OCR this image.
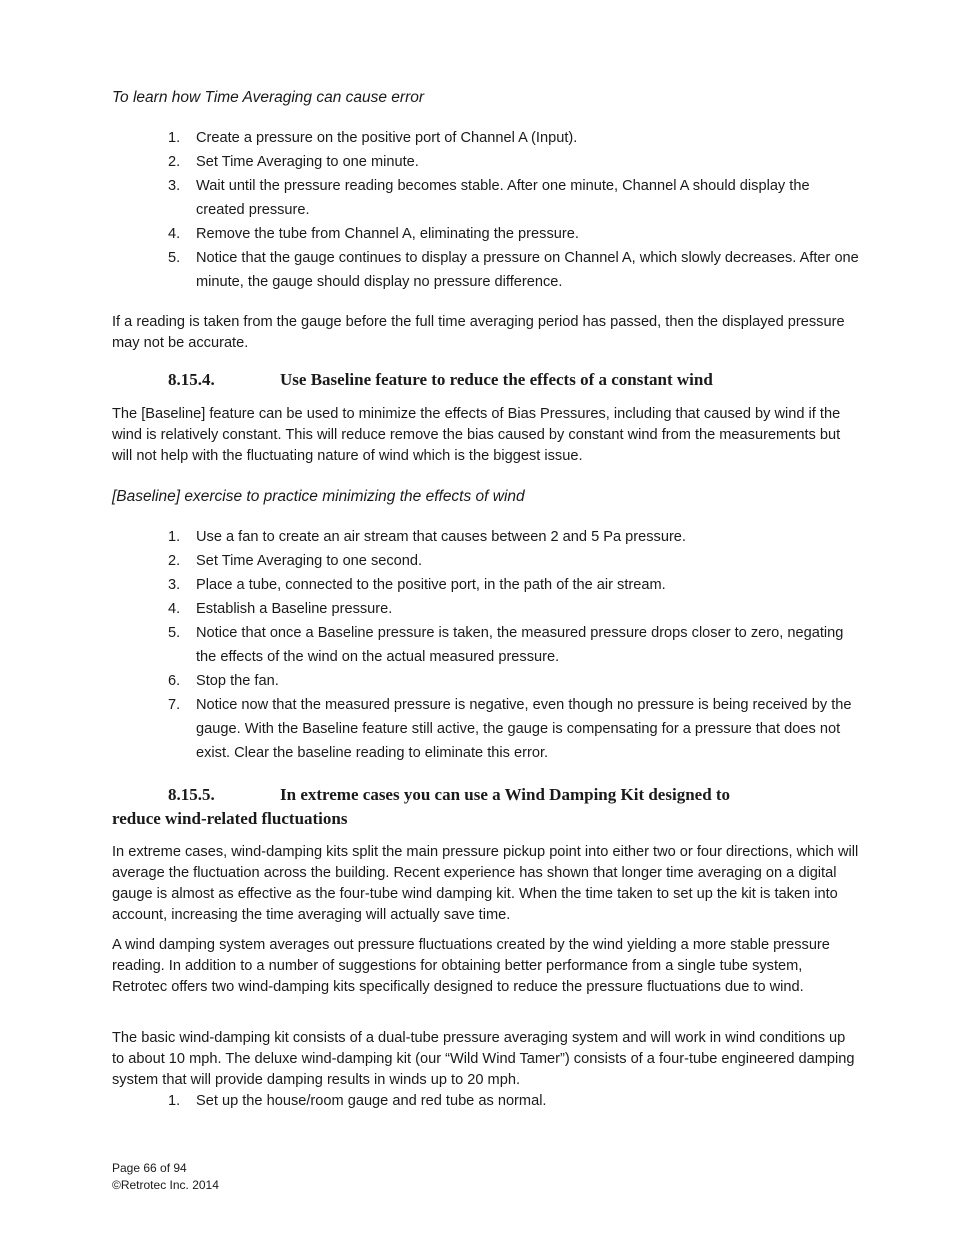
To learn how Time Averaging can cause error
1. Create a pressure on the positive port of Channel A (Input).
2. Set Time Averaging to one minute.
3. Wait until the pressure reading becomes stable. After one minute, Channel A should display the created pressure.
4. Remove the tube from Channel A, eliminating the pressure.
5. Notice that the gauge continues to display a pressure on Channel A, which slowly decreases. After one minute, the gauge should display no pressure difference.
If a reading is taken from the gauge before the full time averaging period has passed, then the displayed pressure may not be accurate.
8.15.4.	Use Baseline feature to reduce the effects of a constant wind
The [Baseline] feature can be used to minimize the effects of Bias Pressures, including that caused by wind if the wind is relatively constant. This will reduce remove the bias caused by constant wind from the measurements but will not help with the fluctuating nature of wind which is the biggest issue.
[Baseline] exercise to practice minimizing the effects of wind
1. Use a fan to create an air stream that causes between 2 and 5 Pa pressure.
2. Set Time Averaging to one second.
3. Place a tube, connected to the positive port, in the path of the air stream.
4. Establish a Baseline pressure.
5. Notice that once a Baseline pressure is taken, the measured pressure drops closer to zero, negating the effects of the wind on the actual measured pressure.
6. Stop the fan.
7. Notice now that the measured pressure is negative, even though no pressure is being received by the gauge. With the Baseline feature still active, the gauge is compensating for a pressure that does not exist. Clear the baseline reading to eliminate this error.
8.15.5.	In extreme cases you can use a Wind Damping Kit designed to
reduce wind-related fluctuations
In extreme cases, wind-damping kits split the main pressure pickup point into either two or four directions, which will average the fluctuation across the building. Recent experience has shown that longer time averaging on a digital gauge is almost as effective as the four-tube wind damping kit. When the time taken to set up the kit is taken into account, increasing the time averaging will actually save time.
A wind damping system averages out pressure fluctuations created by the wind yielding a more stable pressure reading. In addition to a number of suggestions for obtaining better performance from a single tube system, Retrotec offers two wind-damping kits specifically designed to reduce the pressure fluctuations due to wind.
The basic wind-damping kit consists of a dual-tube pressure averaging system and will work in wind conditions up to about 10 mph. The deluxe wind-damping kit (our “Wild Wind Tamer”) consists of a four-tube engineered damping system that will provide damping results in winds up to 20 mph.
1. Set up the house/room gauge and red tube as normal.
Page 66 of 94
©Retrotec Inc. 2014
